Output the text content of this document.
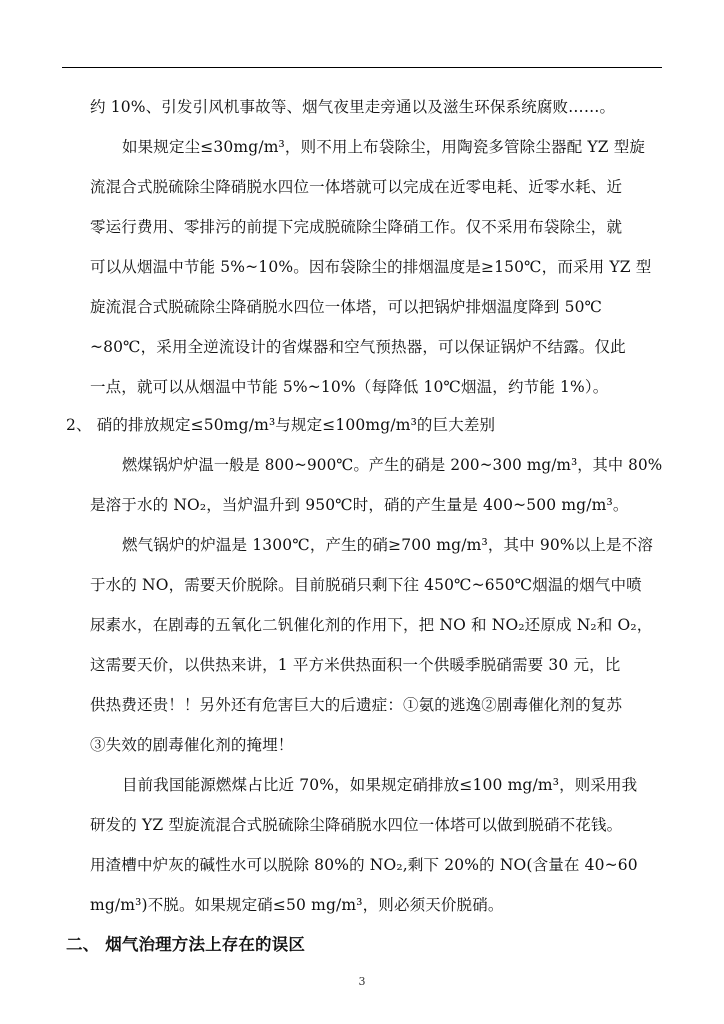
约 10%、引发引风机事故等、烟气夜里走旁通以及滋生环保系统腐败……。
如果规定尘≤30mg/m³，则不用上布袋除尘，用陶瓷多管除尘器配 YZ 型旋
流混合式脱硫除尘降硝脱水四位一体塔就可以完成在近零电耗、近零水耗、近
零运行费用、零排污的前提下完成脱硫除尘降硝工作。仅不采用布袋除尘，就
可以从烟温中节能 5%~10%。因布袋除尘的排烟温度是≥150℃，而采用 YZ 型
旋流混合式脱硫除尘降硝脱水四位一体塔，可以把锅炉排烟温度降到 50℃
~80℃，采用全逆流设计的省煤器和空气预热器，可以保证锅炉不结露。仅此
一点，就可以从烟温中节能 5%~10%（每降低 10℃烟温，约节能 1%）。
2、 硝的排放规定≤50mg/m³与规定≤100mg/m³的巨大差别
燃煤锅炉炉温一般是 800~900℃。产生的硝是 200~300 mg/m³，其中 80%
是溶于水的 NO₂，当炉温升到 950℃时，硝的产生量是 400~500 mg/m³。
燃气锅炉的炉温是 1300℃，产生的硝≥700 mg/m³，其中 90%以上是不溶
于水的 NO，需要天价脱除。目前脱硝只剩下往 450℃~650℃烟温的烟气中喷
尿素水，在剧毒的五氧化二钒催化剂的作用下，把 NO 和 NO₂还原成 N₂和 O₂，
这需要天价，以供热来讲，1 平方米供热面积一个供暖季脱硝需要 30 元，比
供热费还贵！！另外还有危害巨大的后遗症：①氨的逃逸②剧毒催化剂的复苏
③失效的剧毒催化剂的掩埋！
目前我国能源燃煤占比近 70%，如果规定硝排放≤100 mg/m³，则采用我
研发的 YZ 型旋流混合式脱硫除尘降硝脱水四位一体塔可以做到脱硝不花钱。
用渣槽中炉灰的碱性水可以脱除 80%的 NO₂,剩下 20%的 NO(含量在 40~60
mg/m³)不脱。如果规定硝≤50 mg/m³，则必须天价脱硝。
二、 烟气治理方法上存在的误区
3
